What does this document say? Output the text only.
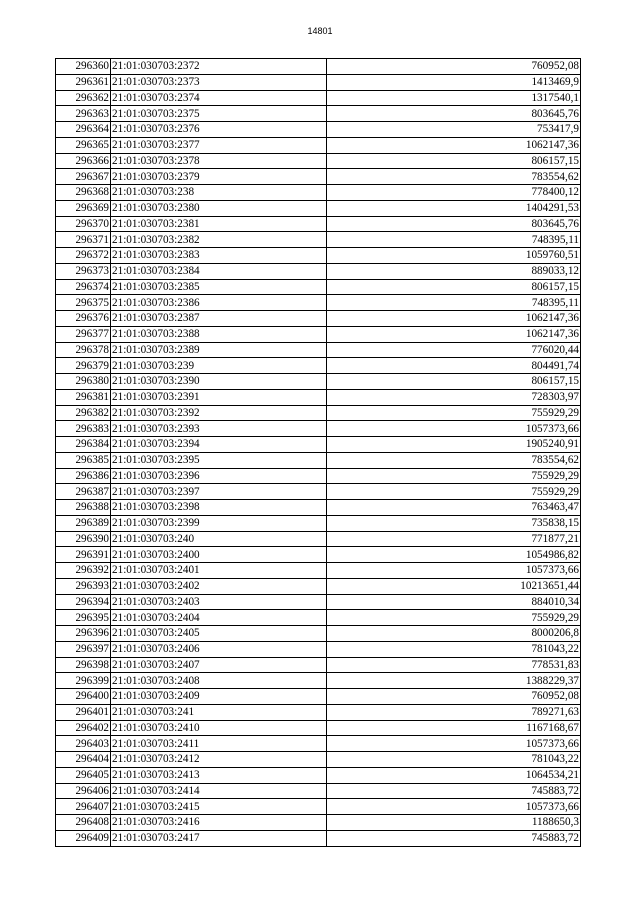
14801
296360	21:01:030703:2372	760952,08
296361	21:01:030703:2373	1413469,9
296362	21:01:030703:2374	1317540,1
296363	21:01:030703:2375	803645,76
296364	21:01:030703:2376	753417,9
296365	21:01:030703:2377	1062147,36
296366	21:01:030703:2378	806157,15
296367	21:01:030703:2379	783554,62
296368	21:01:030703:238	778400,12
296369	21:01:030703:2380	1404291,53
296370	21:01:030703:2381	803645,76
296371	21:01:030703:2382	748395,11
296372	21:01:030703:2383	1059760,51
296373	21:01:030703:2384	889033,12
296374	21:01:030703:2385	806157,15
296375	21:01:030703:2386	748395,11
296376	21:01:030703:2387	1062147,36
296377	21:01:030703:2388	1062147,36
296378	21:01:030703:2389	776020,44
296379	21:01:030703:239	804491,74
296380	21:01:030703:2390	806157,15
296381	21:01:030703:2391	728303,97
296382	21:01:030703:2392	755929,29
296383	21:01:030703:2393	1057373,66
296384	21:01:030703:2394	1905240,91
296385	21:01:030703:2395	783554,62
296386	21:01:030703:2396	755929,29
296387	21:01:030703:2397	755929,29
296388	21:01:030703:2398	763463,47
296389	21:01:030703:2399	735838,15
296390	21:01:030703:240	771877,21
296391	21:01:030703:2400	1054986,82
296392	21:01:030703:2401	1057373,66
296393	21:01:030703:2402	10213651,44
296394	21:01:030703:2403	884010,34
296395	21:01:030703:2404	755929,29
296396	21:01:030703:2405	8000206,8
296397	21:01:030703:2406	781043,22
296398	21:01:030703:2407	778531,83
296399	21:01:030703:2408	1388229,37
296400	21:01:030703:2409	760952,08
296401	21:01:030703:241	789271,63
296402	21:01:030703:2410	1167168,67
296403	21:01:030703:2411	1057373,66
296404	21:01:030703:2412	781043,22
296405	21:01:030703:2413	1064534,21
296406	21:01:030703:2414	745883,72
296407	21:01:030703:2415	1057373,66
296408	21:01:030703:2416	1188650,3
296409	21:01:030703:2417	745883,72
